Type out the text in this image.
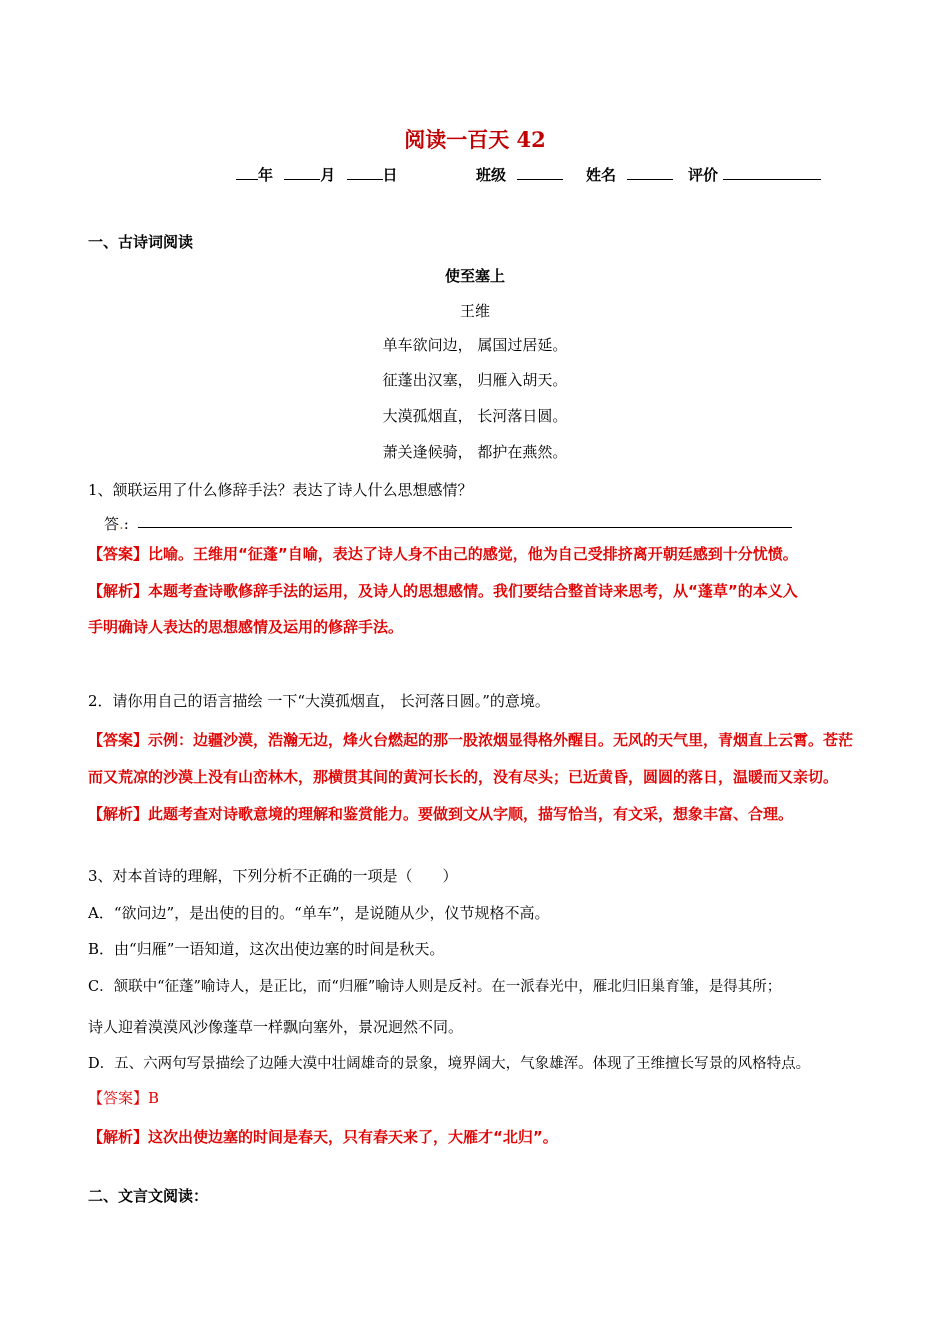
阅读一百天 42
年	月	日	班级	姓名	评价
一、古诗词阅读
使至塞上
王维
单车欲问边， 属国过居延。
征蓬出汉塞， 归雁入胡天。
大漠孤烟直， 长河落日圆。
萧关逢候骑， 都护在燕然。
1、颔联运用了什么修辞手法？表达了诗人什么思想感情？
答.:
【答案】比喻。王维用“征蓬”自喻，表达了诗人身不由己的感觉，他为自己受排挤离开朝廷感到十分忧愤。
【解析】本题考查诗歌修辞手法的运用，及诗人的思想感情。我们要结合整首诗来思考，从“蓬草”的本义入
手明确诗人表达的思想感情及运用的修辞手法。
2．请你用自己的语言描绘 一下“大漠孤烟直， 长河落日圆。”的意境。
【答案】示例：边疆沙漠，浩瀚无边，烽火台燃起的那一股浓烟显得格外醒目。无风的天气里，青烟直上云霄。苍茫
而又荒凉的沙漠上没有山峦林木，那横贯其间的黄河长长的，没有尽头；已近黄昏，圆圆的落日，温暖而又亲切。
【解析】此题考查对诗歌意境的理解和鉴赏能力。要做到文从字顺，描写恰当，有文采，想象丰富、合理。
3、对本首诗的理解，下列分析不正确的一项是（　　）
A．“欲问边”，是出使的目的。“单车”，是说随从少，仪节规格不高。
B．由“归雁”一语知道，这次出使边塞的时间是秋天。
C．颔联中“征蓬”喻诗人，是正比，而“归雁”喻诗人则是反衬。在一派春光中，雁北归旧巢育雏，是得其所；
诗人迎着漠漠风沙像蓬草一样飘向塞外，景况迥然不同。
D．五、六两句写景描绘了边陲大漠中壮阔雄奇的景象，境界阔大，气象雄浑。体现了王维擅长写景的风格特点。
【答案】B
【解析】这次出使边塞的时间是春天，只有春天来了，大雁才“北归”。
二、文言文阅读：
